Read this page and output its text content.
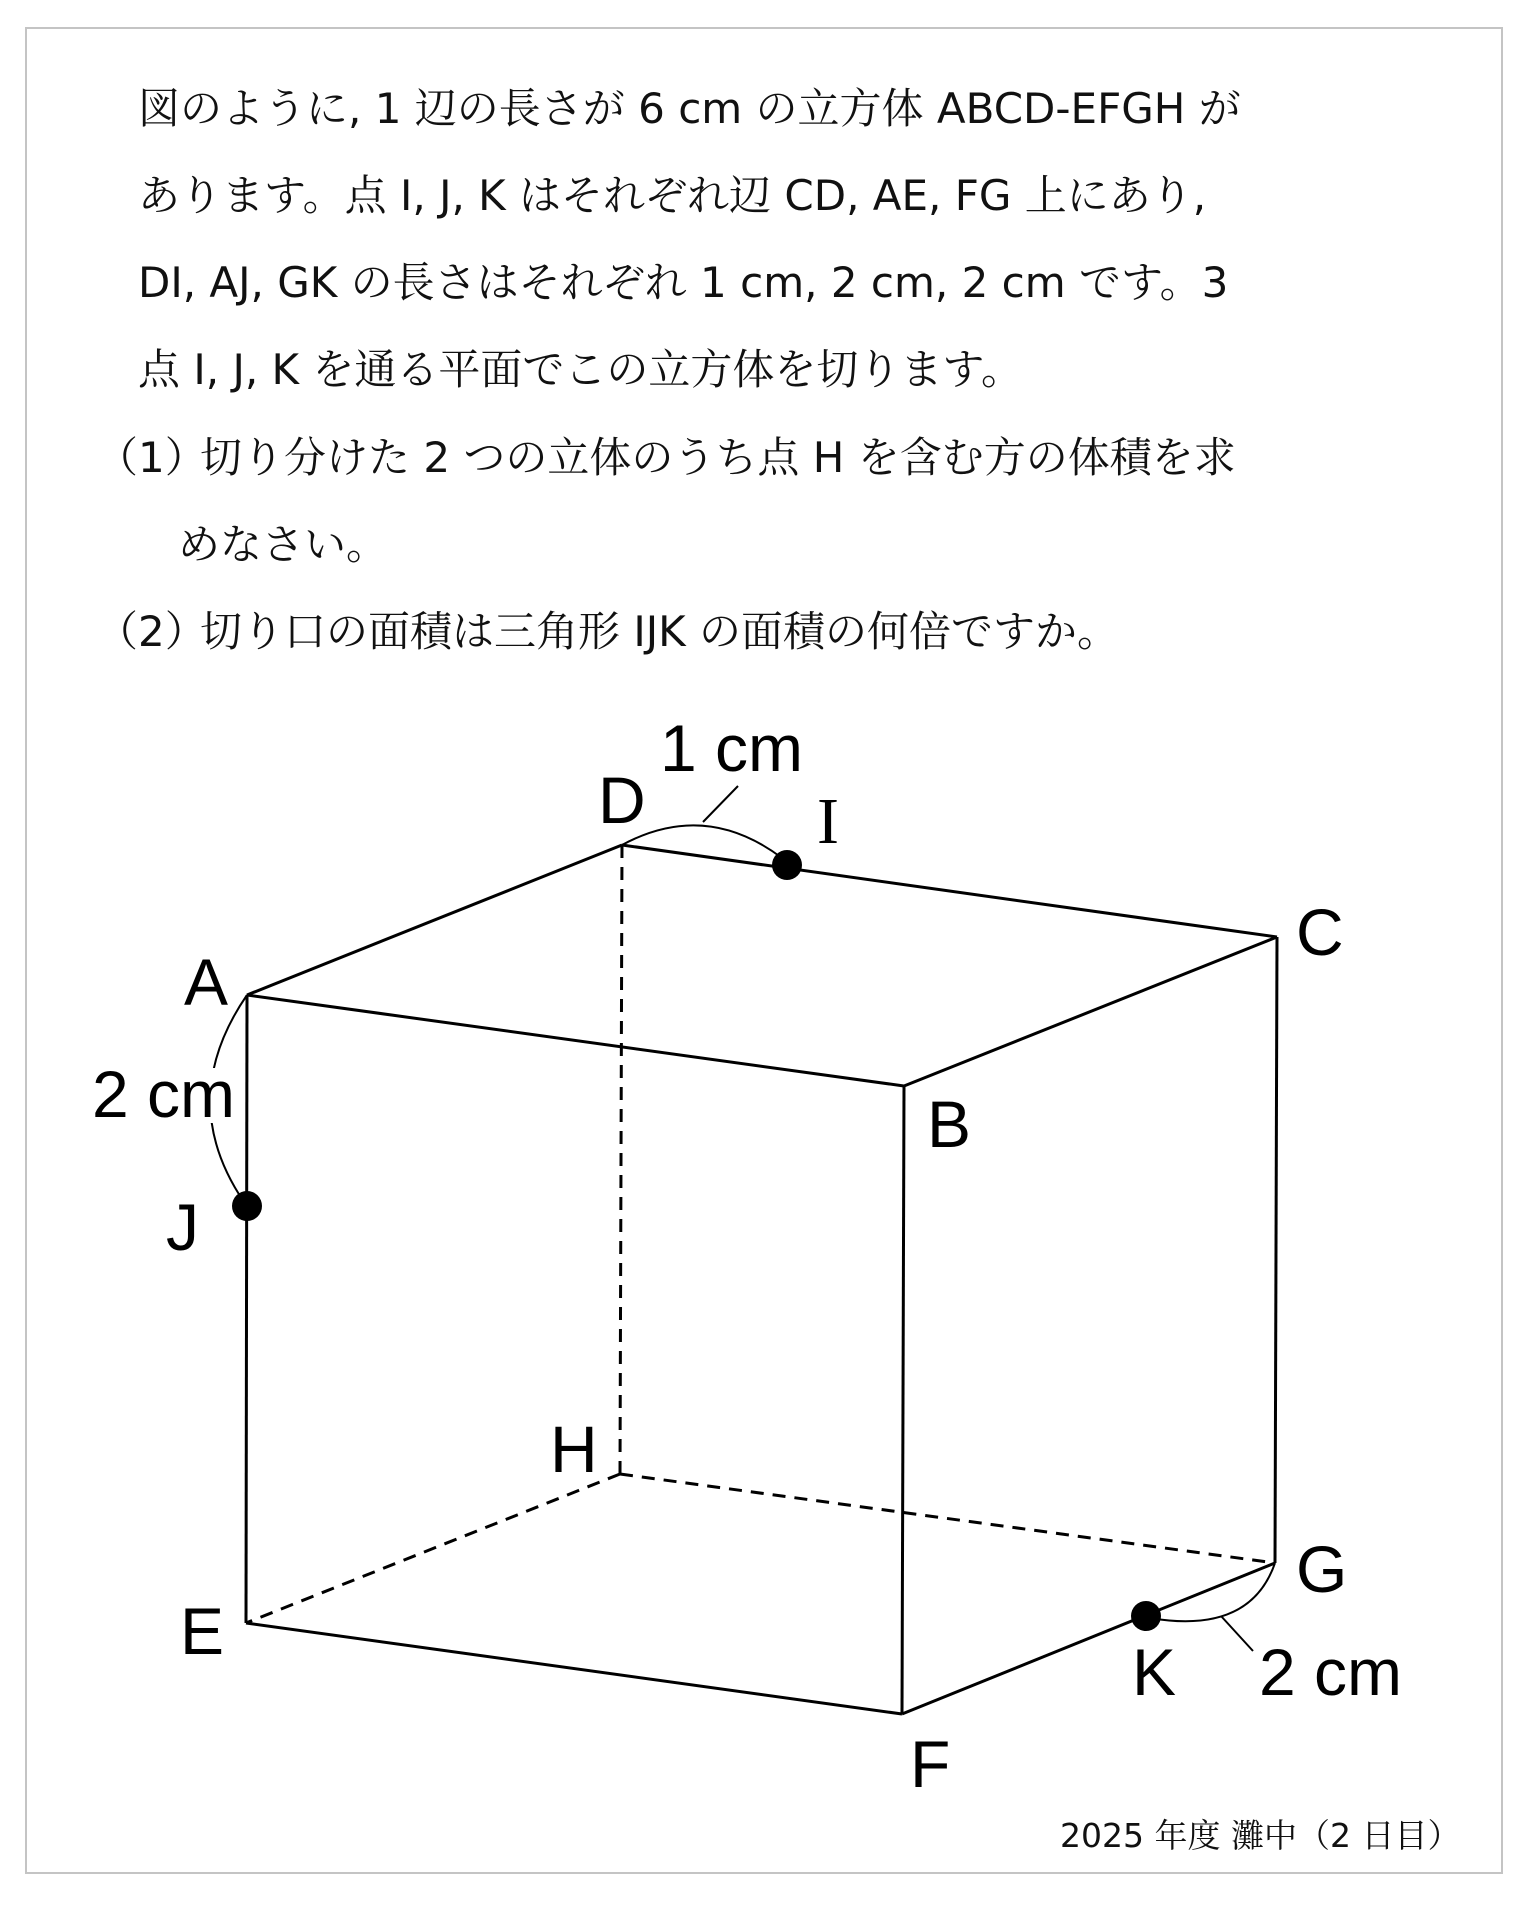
図のように, 1 辺の長さが 6 cm の立方体 ABCD-EFGH が
あります。点 I, J, K はそれぞれ辺 CD, AE, FG 上にあり,
DI, AJ, GK の長さはそれぞれ 1 cm, 2 cm, 2 cm です。3
点 I, J, K を通る平面でこの立方体を切ります。
（1）
切り分けた 2 つの立体のうち点 H を含む方の体積を求
めなさい。
（2）
切り口の面積は三角形 IJK の面積の何倍ですか。
A
B
C
D
E
F
G
H
I
J
K
1 cm
2 cm
2 cm
2025 年度 灘中（2 日目）
